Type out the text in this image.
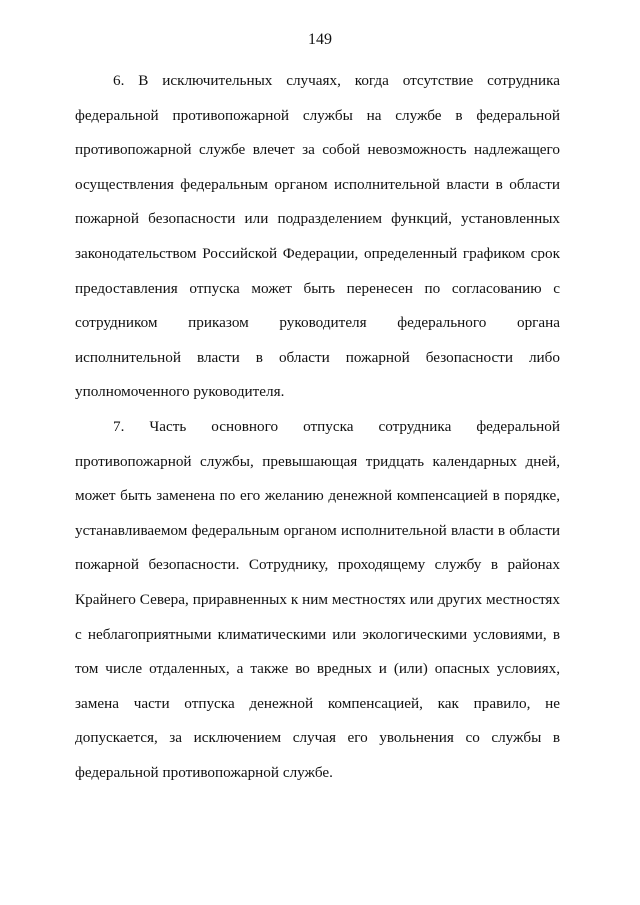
149

6. В исключительных случаях, когда отсутствие сотрудника федеральной противопожарной службы на службе в федеральной противопожарной службе влечет за собой невозможность надлежащего осуществления федеральным органом исполнительной власти в области пожарной безопасности или подразделением функций, установленных законодательством Российской Федерации, определенный графиком срок предоставления отпуска может быть перенесен по согласованию с сотрудником приказом руководителя федерального органа исполнительной власти в области пожарной безопасности либо уполномоченного руководителя.

7. Часть основного отпуска сотрудника федеральной противопожарной службы, превышающая тридцать календарных дней, может быть заменена по его желанию денежной компенсацией в порядке, устанавливаемом федеральным органом исполнительной власти в области пожарной безопасности. Сотруднику, проходящему службу в районах Крайнего Севера, приравненных к ним местностях или других местностях с неблагоприятными климатическими или экологическими условиями, в том числе отдаленных, а также во вредных и (или) опасных условиях, замена части отпуска денежной компенсацией, как правило, не допускается, за исключением случая его увольнения со службы в федеральной противопожарной службе.
